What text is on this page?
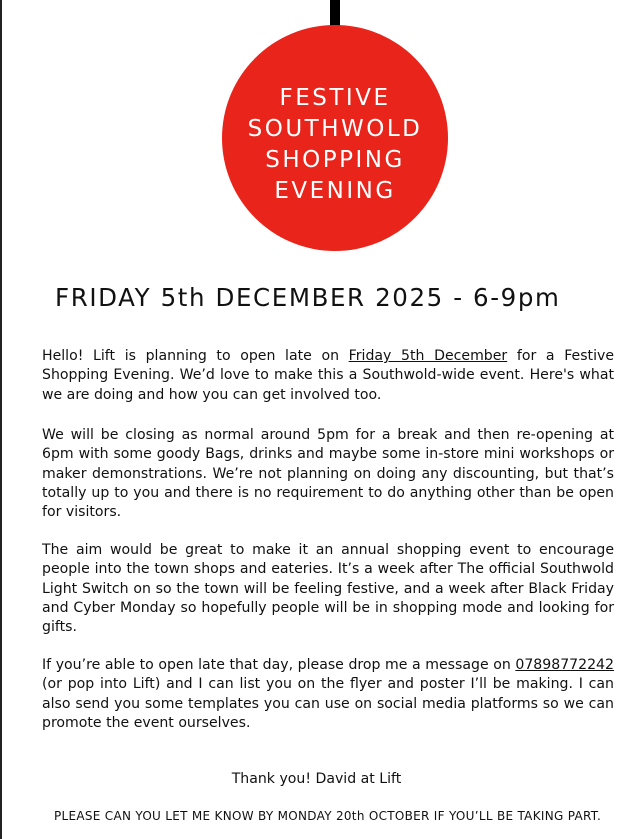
FESTIVE
SOUTHWOLD
SHOPPING
EVENING
FRIDAY 5th DECEMBER 2025 - 6-9pm

Hello! Lift is planning to open late on Friday 5th December for a Festive Shopping Evening. We’d love to make this a Southwold-wide event. Here's what we are doing and how you can get involved too.

We will be closing as normal around 5pm for a break and then re-opening at 6pm with some goody Bags, drinks and maybe some in-store mini workshops or maker demonstrations. We’re not planning on doing any discounting, but that’s totally up to you and there is no requirement to do anything other than be open for visitors.

The aim would be great to make it an annual shopping event to encourage people into the town shops and eateries. It’s a week after The official Southwold Light Switch on so the town will be feeling festive, and a week after Black Friday and Cyber Monday so hopefully people will be in shopping mode and looking for gifts.

If you’re able to open late that day, please drop me a message on 07898772242 (or pop into Lift) and I can list you on the flyer and poster I’ll be making. I can also send you some templates you can use on social media platforms so we can promote the event ourselves.

Thank you! David at Lift

PLEASE CAN YOU LET ME KNOW BY MONDAY 20th OCTOBER IF YOU’LL BE TAKING PART.
